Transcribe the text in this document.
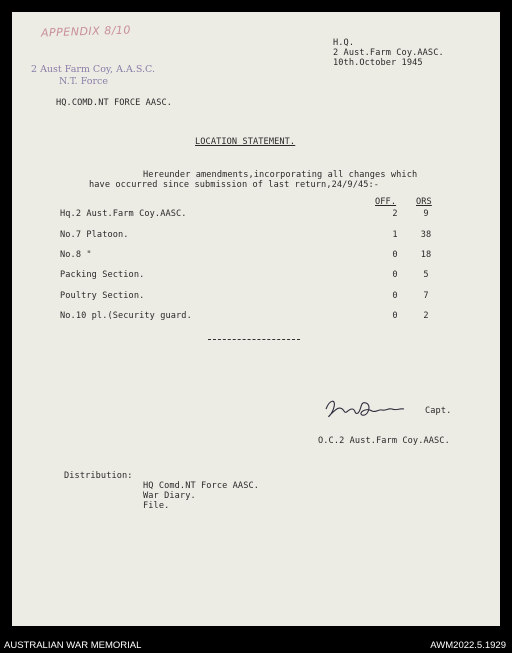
APPENDIX 8/10
2 Aust Farm Coy, A.A.S.C.
N.T. Force
H.Q.
2 Aust.Farm Coy.AASC.
10th.October 1945
HQ.COMD.NT FORCE AASC.
LOCATION STATEMENT.
Hereunder amendments,incorporating all changes which
have occurred since submission of last return,24/9/45:-
OFF. ORS
Hq.2 Aust.Farm Coy.AASC.	2	9
No.7 Platoon.	1	38
No.8 "	0	18
Packing Section.	0	5
Poultry Section.	0	7
No.10 pl.(Security guard.	0	2
Capt.
O.C.2 Aust.Farm Coy.AASC.
Distribution:
HQ Comd.NT Force AASC.
War Diary.
File.
AUSTRALIAN WAR MEMORIAL	AWM2022.5.1929
